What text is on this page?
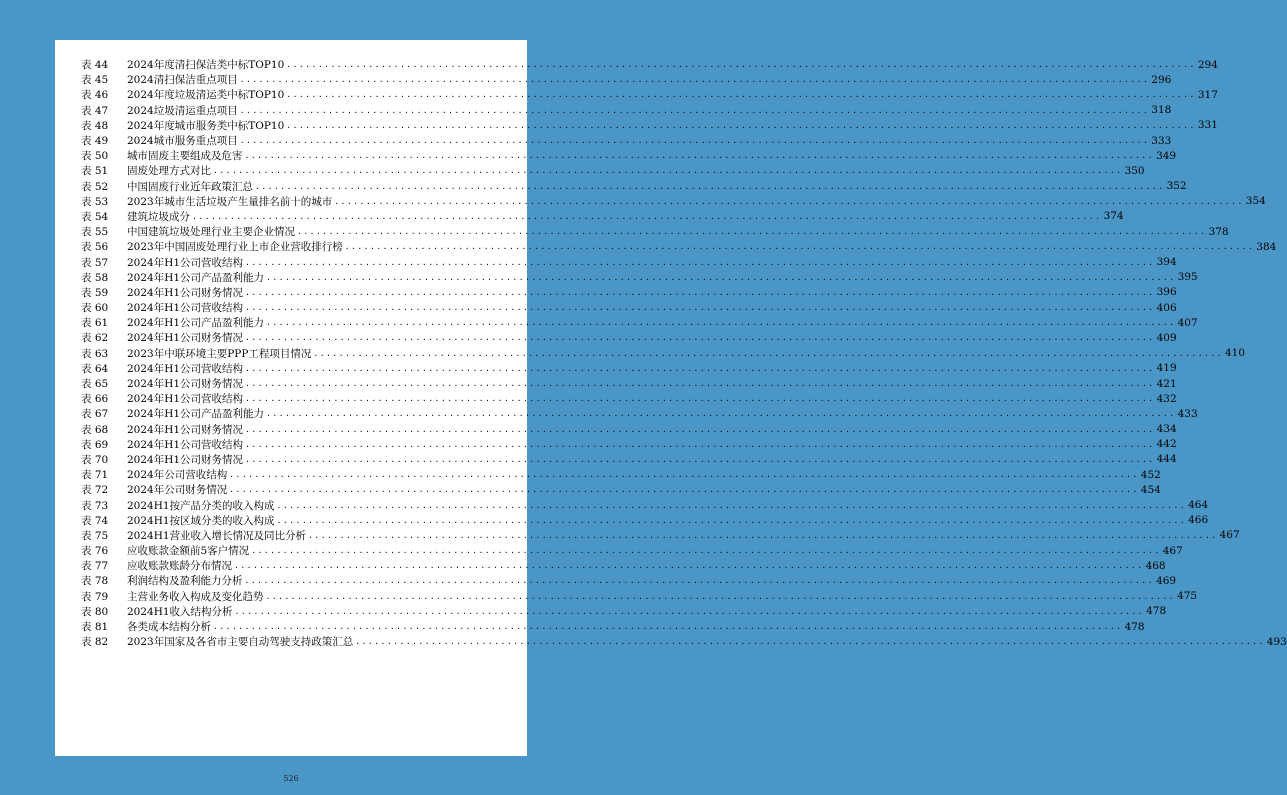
表 44	2024年度清扫保洁类中标TOP10 .....	294
表 45	2024清扫保洁重点项目 .....	296
表 46	2024年度垃圾清运类中标TOP10 .....	317
表 47	2024垃圾清运重点项目 .....	318
表 48	2024年度城市服务类中标TOP10 .....	331
表 49	2024城市服务重点项目 .....	333
表 50	城市固废主要组成及危害 .....	349
表 51	固废处理方式对比 .....	350
表 52	中国固废行业近年政策汇总 .....	352
表 53	2023年城市生活垃圾产生量排名前十的城市 .....	354
表 54	建筑垃圾成分 .....	374
表 55	中国建筑垃圾处理行业主要企业情况 .....	378
表 56	2023年中国固废处理行业上市企业营收排行榜 .....	384
表 57	2024年H1公司营收结构 .....	394
表 58	2024年H1公司产品盈利能力 .....	395
表 59	2024年H1公司财务情况 .....	396
表 60	2024年H1公司营收结构 .....	406
表 61	2024年H1公司产品盈利能力 .....	407
表 62	2024年H1公司财务情况 .....	409
表 63	2023年中联环境主要PPP工程项目情况 .....	410
表 64	2024年H1公司营收结构 .....	419
表 65	2024年H1公司财务情况 .....	421
表 66	2024年H1公司营收结构 .....	432
表 67	2024年H1公司产品盈利能力 .....	433
表 68	2024年H1公司财务情况 .....	434
表 69	2024年H1公司营收结构 .....	442
表 70	2024年H1公司财务情况 .....	444
表 71	2024年公司营收结构 .....	452
表 72	2024年公司财务情况 .....	454
表 73	2024H1按产品分类的收入构成 .....	464
表 74	2024H1按区域分类的收入构成 .....	466
表 75	2024H1营业收入增长情况及同比分析 .....	467
表 76	应收账款金额前5客户情况 .....	467
表 77	应收账款账龄分布情况 .....	468
表 78	利润结构及盈利能力分析 .....	469
表 79	主营业务收入构成及变化趋势 .....	475
表 80	2024H1收入结构分析 .....	478
表 81	各类成本结构分析 .....	478
表 82	2023年国家及各省市主要自动驾驶支持政策汇总 .....	493
526
